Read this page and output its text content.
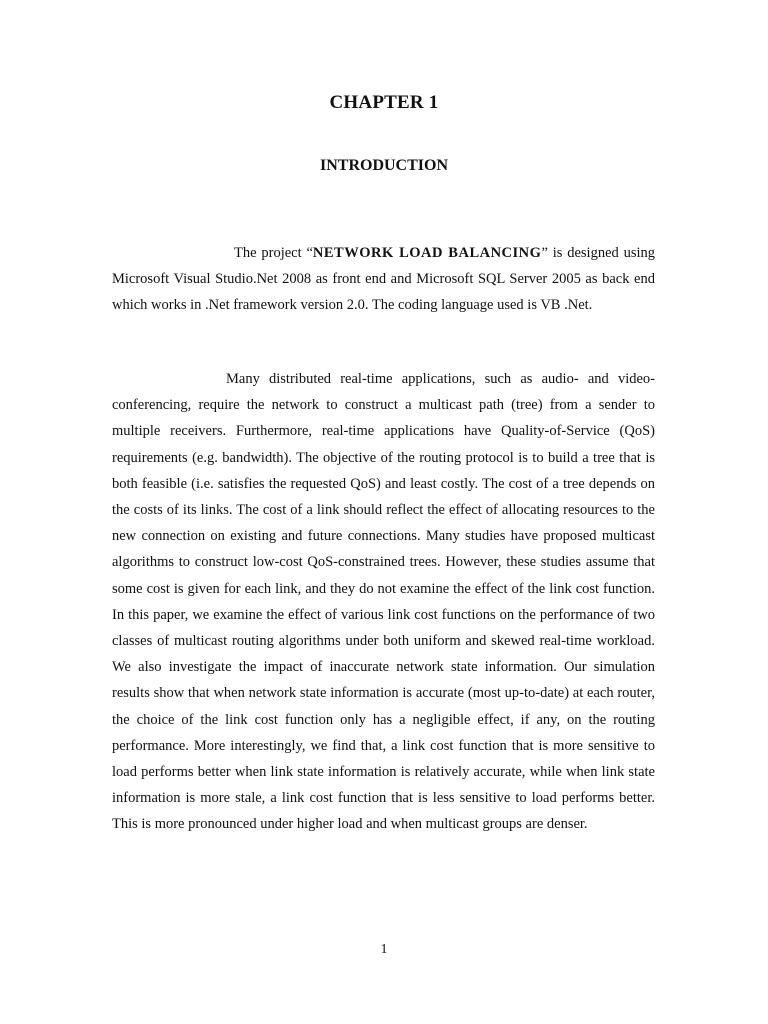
CHAPTER 1
INTRODUCTION

The project “NETWORK LOAD BALANCING” is designed using Microsoft Visual Studio.Net 2008 as front end and Microsoft SQL Server 2005 as back end which works in .Net framework version 2.0. The coding language used is VB .Net.

Many distributed real-time applications, such as audio- and video-conferencing, require the network to construct a multicast path (tree) from a sender to multiple receivers. Furthermore, real-time applications have Quality-of-Service (QoS) requirements (e.g. bandwidth). The objective of the routing protocol is to build a tree that is both feasible (i.e. satisfies the requested QoS) and least costly. The cost of a tree depends on the costs of its links. The cost of a link should reflect the effect of allocating resources to the new connection on existing and future connections. Many studies have proposed multicast algorithms to construct low-cost QoS-constrained trees. However, these studies assume that some cost is given for each link, and they do not examine the effect of the link cost function. In this paper, we examine the effect of various link cost functions on the performance of two classes of multicast routing algorithms under both uniform and skewed real-time workload. We also investigate the impact of inaccurate network state information. Our simulation results show that when network state information is accurate (most up-to-date) at each router, the choice of the link cost function only has a negligible effect, if any, on the routing performance. More interestingly, we find that, a link cost function that is more sensitive to load performs better when link state information is relatively accurate, while when link state information is more stale, a link cost function that is less sensitive to load performs better. This is more pronounced under higher load and when multicast groups are denser.

1
